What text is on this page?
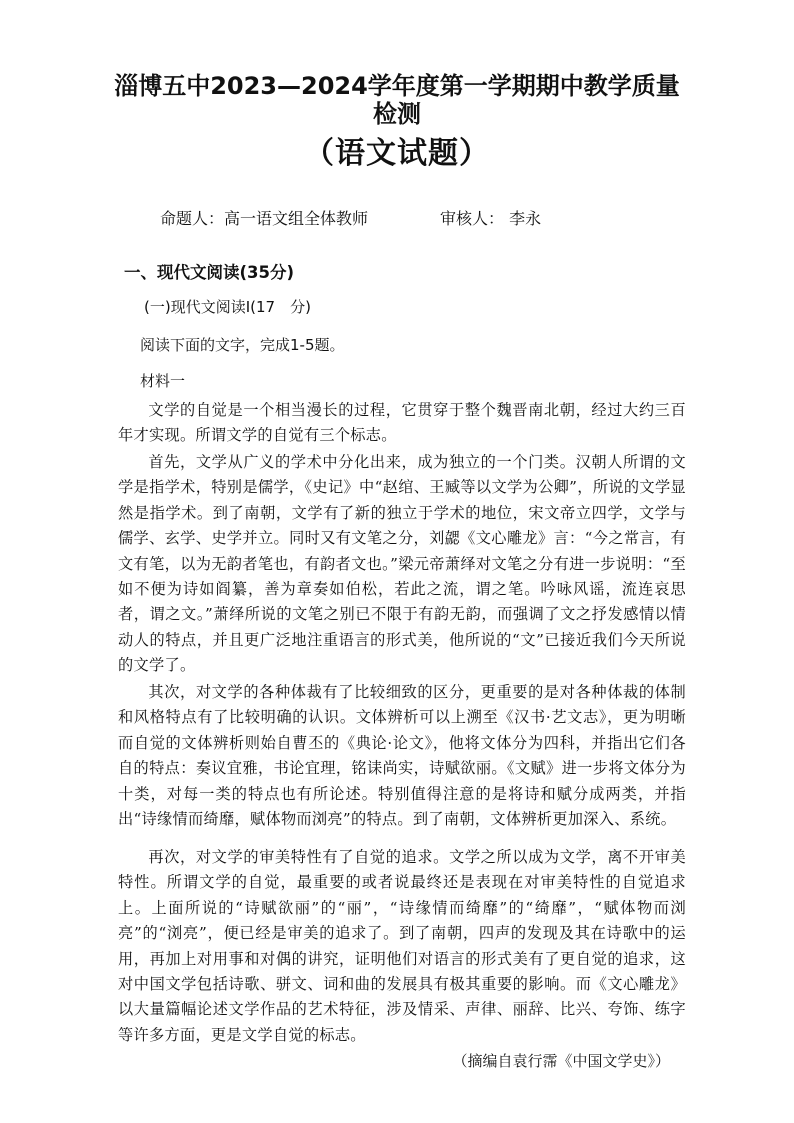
淄博五中2023—2024学年度第一学期期中教学质量
检测
（语文试题）
命题人：高一语文组全体教师	审核人： 李永
一、现代文阅读(35分)
(一)现代文阅读I(17　分)
阅读下面的文字，完成1-5题。
材料一

文学的自觉是一个相当漫长的过程，它贯穿于整个魏晋南北朝，经过大约三百年才实现。所谓文学的自觉有三个标志。

首先，文学从广义的学术中分化出来，成为独立的一个门类。汉朝人所谓的文学是指学术，特别是儒学，《史记》中“赵绾、王臧等以文学为公卿”，所说的文学显然是指学术。到了南朝，文学有了新的独立于学术的地位，宋文帝立四学，文学与儒学、玄学、史学并立。同时又有文笔之分，刘勰《文心雕龙》言：“今之常言，有文有笔，以为无韵者笔也，有韵者文也。”梁元帝萧绎对文笔之分有进一步说明：“至如不便为诗如阎纂，善为章奏如伯松，若此之流，谓之笔。吟咏风谣，流连哀思者，谓之文。”萧绎所说的文笔之别已不限于有韵无韵，而强调了文之抒发感情以情动人的特点，并且更广泛地注重语言的形式美，他所说的“文”已接近我们今天所说的文学了。

其次，对文学的各种体裁有了比较细致的区分，更重要的是对各种体裁的体制和风格特点有了比较明确的认识。文体辨析可以上溯至《汉书·艺文志》，更为明晰而自觉的文体辨析则始自曹丕的《典论·论文》，他将文体分为四科，并指出它们各自的特点：奏议宜雅，书论宜理，铭诔尚实，诗赋欲丽。《文赋》进一步将文体分为十类，对每一类的特点也有所论述。特别值得注意的是将诗和赋分成两类，并指出“诗缘情而绮靡，赋体物而浏亮”的特点。到了南朝，文体辨析更加深入、系统。

再次，对文学的审美特性有了自觉的追求。文学之所以成为文学，离不开审美特性。所谓文学的自觉，最重要的或者说最终还是表现在对审美特性的自觉追求上。上面所说的“诗赋欲丽”的“丽”，“诗缘情而绮靡”的“绮靡”，“赋体物而浏亮”的“浏亮”，便已经是审美的追求了。到了南朝，四声的发现及其在诗歌中的运用，再加上对用事和对偶的讲究，证明他们对语言的形式美有了更自觉的追求，这对中国文学包括诗歌、骈文、词和曲的发展具有极其重要的影响。而《文心雕龙》以大量篇幅论述文学作品的艺术特征，涉及情采、声律、丽辞、比兴、夸饰、练字等许多方面，更是文学自觉的标志。

（摘编自袁行霈《中国文学史》）
